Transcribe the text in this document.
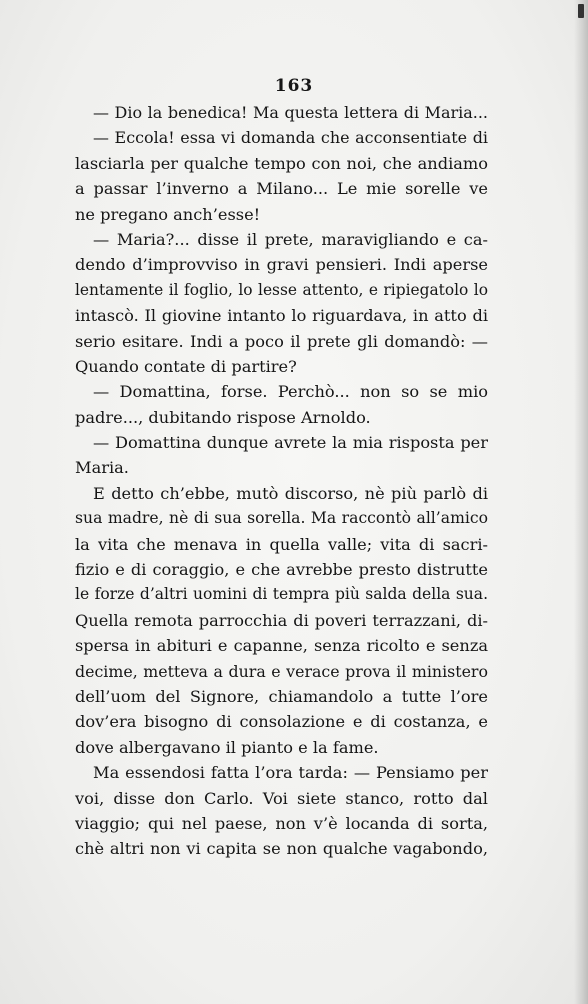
163
— Dio la benedica! Ma questa lettera di Maria...
— Eccola! essa vi domanda che acconsentiate di
lasciarla per qualche tempo con noi, che andiamo
a passar l’inverno a Milano... Le mie sorelle ve
ne pregano anch’esse!
— Maria?... disse il prete, maravigliando e ca-
dendo d’improvviso in gravi pensieri. Indi aperse
lentamente il foglio, lo lesse attento, e ripiegatolo lo
intascò. Il giovine intanto lo riguardava, in atto di
serio esitare. Indi a poco il prete gli domandò: —
Quando contate di partire?
— Domattina, forse. Perchò... non so se mio
padre..., dubitando rispose Arnoldo.
— Domattina dunque avrete la mia risposta per
Maria.
E detto ch’ebbe, mutò discorso, nè più parlò di
sua madre, nè di sua sorella. Ma raccontò all’amico
la vita che menava in quella valle; vita di sacri-
fizio e di coraggio, e che avrebbe presto distrutte
le forze d’altri uomini di tempra più salda della sua.
Quella remota parrocchia di poveri terrazzani, di-
spersa in abituri e capanne, senza ricolto e senza
decime, metteva a dura e verace prova il ministero
dell’uom del Signore, chiamandolo a tutte l’ore
dov’era bisogno di consolazione e di costanza, e
dove albergavano il pianto e la fame.
Ma essendosi fatta l’ora tarda: — Pensiamo per
voi, disse don Carlo. Voi siete stanco, rotto dal
viaggio; qui nel paese, non v’è locanda di sorta,
chè altri non vi capita se non qualche vagabondo,
